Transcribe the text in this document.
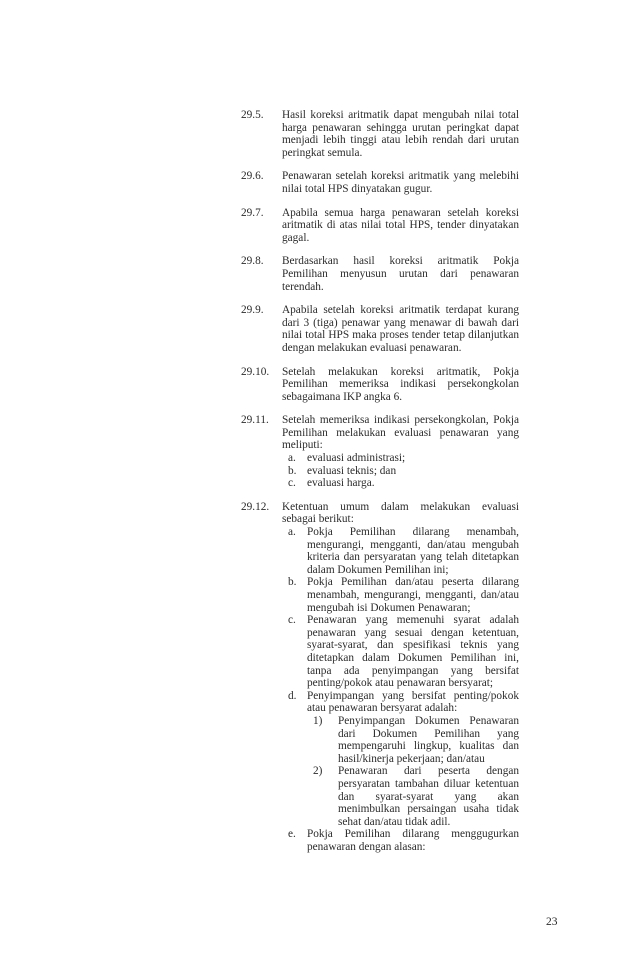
29.5. Hasil koreksi aritmatik dapat mengubah nilai total harga penawaran sehingga urutan peringkat dapat menjadi lebih tinggi atau lebih rendah dari urutan peringkat semula.
29.6. Penawaran setelah koreksi aritmatik yang melebihi nilai total HPS dinyatakan gugur.
29.7. Apabila semua harga penawaran setelah koreksi aritmatik di atas nilai total HPS, tender dinyatakan gagal.
29.8. Berdasarkan hasil koreksi aritmatik Pokja Pemilihan menyusun urutan dari penawaran terendah.
29.9. Apabila setelah koreksi aritmatik terdapat kurang dari 3 (tiga) penawar yang menawar di bawah dari nilai total HPS maka proses tender tetap dilanjutkan dengan melakukan evaluasi penawaran.
29.10. Setelah melakukan koreksi aritmatik, Pokja Pemilihan memeriksa indikasi persekongkolan sebagaimana IKP angka 6.
29.11. Setelah memeriksa indikasi persekongkolan, Pokja Pemilihan melakukan evaluasi penawaran yang meliputi:
a. evaluasi administrasi;
b. evaluasi teknis; dan
c. evaluasi harga.
29.12. Ketentuan umum dalam melakukan evaluasi sebagai berikut:
a. Pokja Pemilihan dilarang menambah, mengurangi, mengganti, dan/atau mengubah kriteria dan persyaratan yang telah ditetapkan dalam Dokumen Pemilihan ini;
b. Pokja Pemilihan dan/atau peserta dilarang menambah, mengurangi, mengganti, dan/atau mengubah isi Dokumen Penawaran;
c. Penawaran yang memenuhi syarat adalah penawaran yang sesuai dengan ketentuan, syarat-syarat, dan spesifikasi teknis yang ditetapkan dalam Dokumen Pemilihan ini, tanpa ada penyimpangan yang bersifat penting/pokok atau penawaran bersyarat;
d. Penyimpangan yang bersifat penting/pokok atau penawaran bersyarat adalah:
1) Penyimpangan Dokumen Penawaran dari Dokumen Pemilihan yang mempengaruhi lingkup, kualitas dan hasil/kinerja pekerjaan; dan/atau
2) Penawaran dari peserta dengan persyaratan tambahan diluar ketentuan dan syarat-syarat yang akan menimbulkan persaingan usaha tidak sehat dan/atau tidak adil.
e. Pokja Pemilihan dilarang menggugurkan penawaran dengan alasan:
23
